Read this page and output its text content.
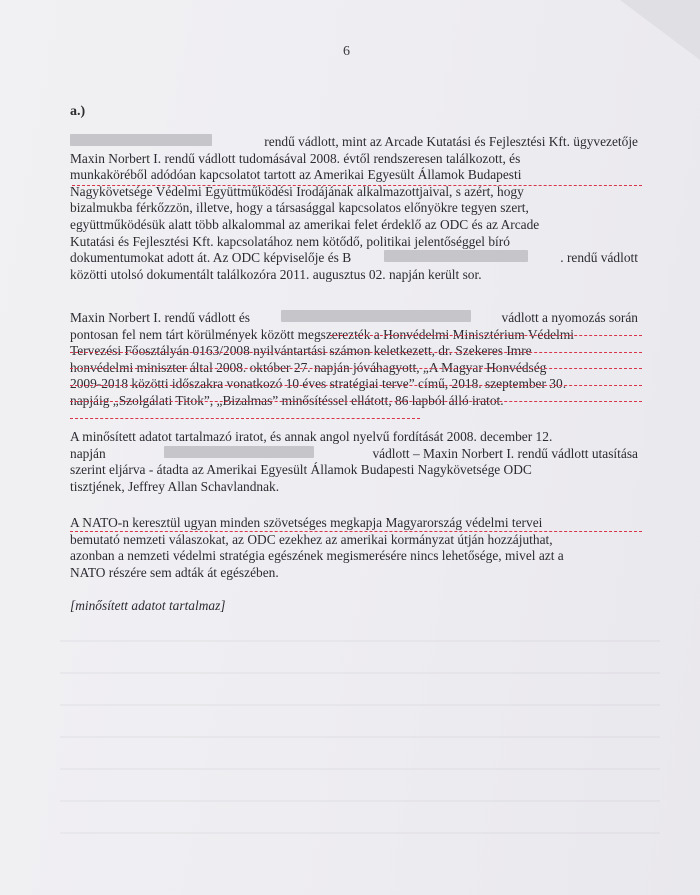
6
a.)
rendű vádlott, mint az Arcade Kutatási és Fejlesztési Kft. ügyvezetője
Maxin Norbert I. rendű vádlott tudomásával 2008. évtől rendszeresen találkozott, és
munkaköréből adódóan kapcsolatot tartott az Amerikai Egyesült Államok Budapesti
Nagykövetsége Védelmi Együttműködési Irodájának alkalmazottjaival, s azért, hogy
bizalmukba férkőzzön, illetve, hogy a társasággal kapcsolatos előnyökre tegyen szert,
együttműködésük alatt több alkalommal az amerikai felet érdeklő az ODC és az Arcade
Kutatási és Fejlesztési Kft. kapcsolatához nem kötődő, politikai jelentőséggel bíró
dokumentumokat adott át. Az ODC képviselője és B	. rendű vádlott
közötti utolsó dokumentált találkozóra 2011. augusztus 02. napján került sor.
Maxin Norbert I. rendű vádlott és	vádlott a nyomozás során
pontosan fel nem tárt körülmények között megszerezték a Honvédelmi Minisztérium Védelmi
Tervezési Főosztályán 0163/2008 nyilvántartási számon keletkezett, dr. Szekeres Imre
honvédelmi miniszter által 2008. október 27. napján jóváhagyott, „A Magyar Honvédség
2009-2018 közötti időszakra vonatkozó 10 éves stratégiai terve” című, 2018. szeptember 30.
napjáig „Szolgálati Titok”, „Bizalmas” minősítéssel ellátott, 86 lapból álló iratot.
A minősített adatot tartalmazó iratot, és annak angol nyelvű fordítását 2008. december 12.
napján	vádlott – Maxin Norbert I. rendű vádlott utasítása
szerint eljárva - átadta az Amerikai Egyesült Államok Budapesti Nagykövetsége ODC
tisztjének, Jeffrey Allan Schavlandnak.
A NATO-n keresztül ugyan minden szövetséges megkapja Magyarország védelmi tervei
bemutató nemzeti válaszokat, az ODC ezekhez az amerikai kormányzat útján hozzájuthat,
azonban a nemzeti védelmi stratégia egészének megismerésére nincs lehetősége, mivel azt a
NATO részére sem adták át egészében.
[minősített adatot tartalmaz]
